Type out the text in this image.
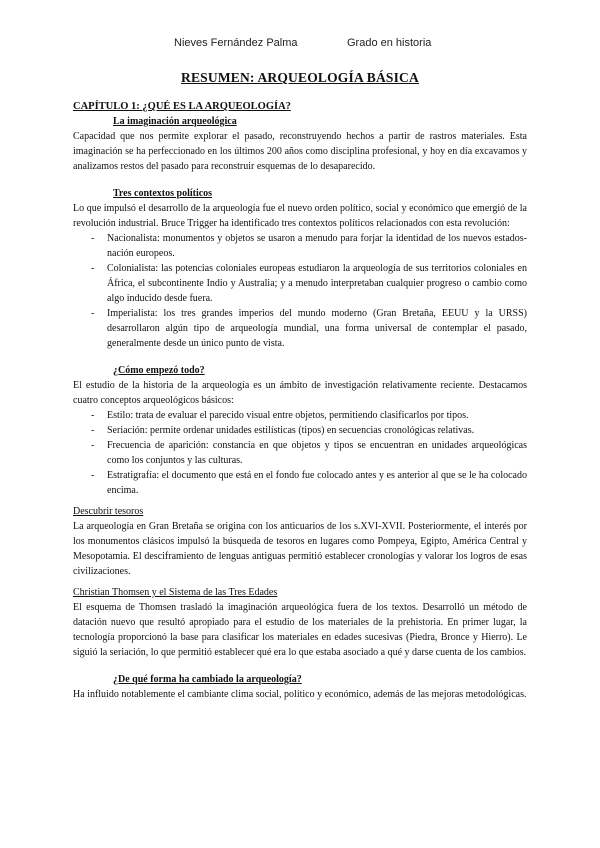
Nieves Fernández Palma	Grado en historia
RESUMEN: ARQUEOLOGÍA BÁSICA
CAPÍTULO 1: ¿QUÉ ES LA ARQUEOLOGÍA?
La imaginación arqueológica

Capacidad que nos permite explorar el pasado, reconstruyendo hechos a partir de rastros materiales. Esta imaginación se ha perfeccionado en los últimos 200 años como disciplina profesional, y hoy en día excavamos y analizamos restos del pasado para reconstruir esquemas de lo desaparecido.

Tres contextos políticos

Lo que impulsó el desarrollo de la arqueología fue el nuevo orden político, social y económico que emergió de la revolución industrial. Bruce Trigger ha identificado tres contextos políticos relacionados con esta revolución:

- Nacionalista: monumentos y objetos se usaron a menudo para forjar la identidad de los nuevos estados-nación europeos.
- Colonialista: las potencias coloniales europeas estudiaron la arqueología de sus territorios coloniales en África, el subcontinente Indio y Australia; y a menudo interpretaban cualquier progreso o cambio como algo inducido desde fuera.
- Imperialista: los tres grandes imperios del mundo moderno (Gran Bretaña, EEUU y la URSS) desarrollaron algún tipo de arqueología mundial, una forma universal de contemplar el pasado, generalmente desde un único punto de vista.
¿Cómo empezó todo?

El estudio de la historia de la arqueología es un ámbito de investigación relativamente reciente. Destacamos cuatro conceptos arqueológicos básicos:

- Estilo: trata de evaluar el parecido visual entre objetos, permitiendo clasificarlos por tipos.
- Seriación: permite ordenar unidades estilísticas (tipos) en secuencias cronológicas relativas.
- Frecuencia de aparición: constancia en que objetos y tipos se encuentran en unidades arqueológicas como los conjuntos y las culturas.
- Estratigrafía: el documento que está en el fondo fue colocado antes y es anterior al que se le ha colocado encima.
Descubrir tesoros

La arqueología en Gran Bretaña se origina con los anticuarios de los s.XVI-XVII. Posteriormente, el interés por los monumentos clásicos impulsó la búsqueda de tesoros en lugares como Pompeya, Egipto, América Central y Mesopotamia. El desciframiento de lenguas antiguas permitió establecer cronologías y valorar los logros de esas civilizaciones.

Christian Thomsen y el Sistema de las Tres Edades

El esquema de Thomsen trasladó la imaginación arqueológica fuera de los textos. Desarrolló un método de datación nuevo que resultó apropiado para el estudio de los materiales de la prehistoria. En primer lugar, la tecnología proporcionó la base para clasificar los materiales en edades sucesivas (Piedra, Bronce y Hierro). Le siguió la seriación, lo que permitió establecer qué era lo que estaba asociado a qué y darse cuenta de los cambios.

¿De qué forma ha cambiado la arqueología?

Ha influido notablemente el cambiante clima social, político y económico, además de las mejoras metodológicas.
